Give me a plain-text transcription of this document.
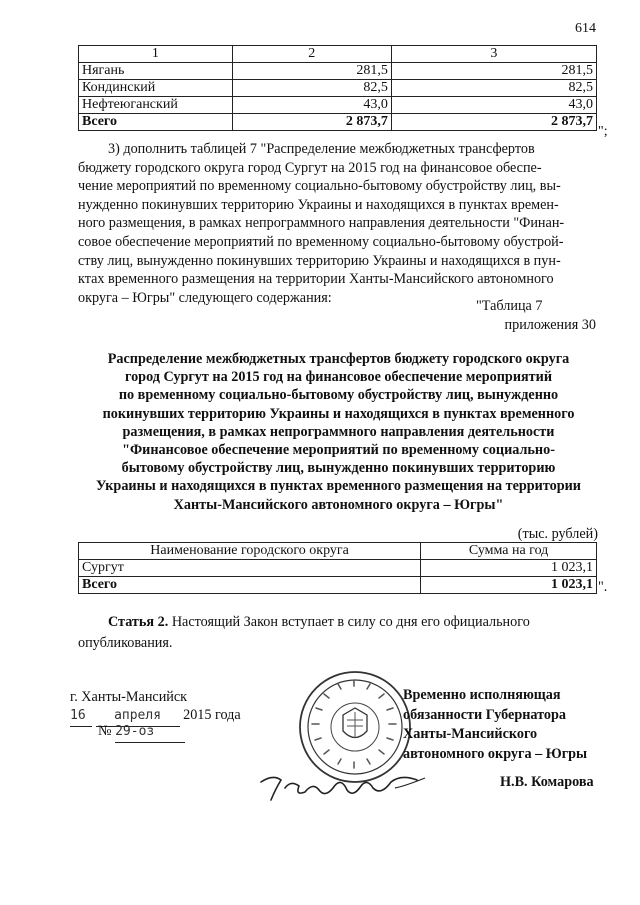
614
1	2	3
Нягань	281,5	281,5
Кондинский	82,5	82,5
Нефтеюганский	43,0	43,0
Всего	2 873,7	2 873,7
";

3) дополнить таблицей 7 "Распределение межбюджетных трансфертов

бюджету городского округа город Сургут на 2015 год на финансовое обеспе-
чение мероприятий по временному социально-бытовому обустройству лиц, вы-
нужденно покинувших территорию Украины и находящихся в пунктах времен-
ного размещения, в рамках непрограммного направления деятельности "Финан-
совое обеспечение мероприятий по временному социально-бытовому обустрой-
ству лиц, вынужденно покинувших территорию Украины и находящихся в пун-
ктах временного размещения на территории Ханты-Мансийского автономного
округа – Югры" следующего содержания:
"Таблица 7
приложения 30
Распределение межбюджетных трансфертов бюджету городского округа
город Сургут на 2015 год на финансовое обеспечение мероприятий
по временному социально-бытовому обустройству лиц, вынужденно
покинувших территорию Украины и находящихся в пунктах временного
размещения, в рамках непрограммного направления деятельности
"Финансовое обеспечение мероприятий по временному социально-
бытовому обустройству лиц, вынужденно покинувших территорию
Украины и находящихся в пунктах временного размещения на территории
Ханты-Мансийского автономного округа – Югры"
(тыс. рублей)
Наименование городского округа	Сумма на год
Сургут	1 023,1
Всего	1 023,1 ".

Статья 2. Настоящий Закон вступает в силу со дня его официального

опубликования.
г. Ханты-Мансийск
16 апреля 2015 года
№ 29-оз
Временно исполняющая
обязанности Губернатора
Ханты-Мансийского
автономного округа – Югры
Н.В. Комарова
